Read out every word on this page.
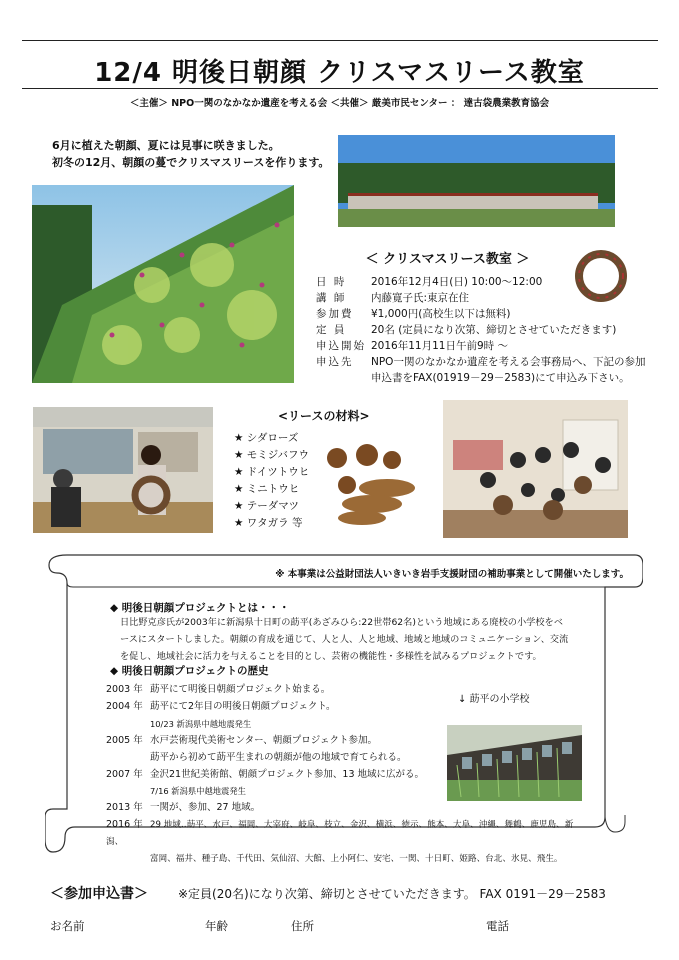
12/4 明後日朝顔 クリスマスリース教室
＜主催＞ NPO一関のなかなか遺産を考える会 ＜共催＞ 厳美市民センター ： 達古袋農業教育協会
6月に植えた朝顔、夏には見事に咲きました。
初冬の12月、朝顔の蔓でクリスマスリースを作ります。
＜ クリスマスリース教室 ＞
日 時 2016年12月4日(日) 10:00～12:00
講 師 内藤寛子氏:東京在住
参加費 ¥1,000円(高校生以下は無料)
定 員 20名 (定員になり次第、締切とさせていただきます)
申込開始 2016年11月11日午前9時 ～
申込先 NPO一関のなかなか遺産を考える会事務局へ、下記の参加
申込書をFAX(01919－29－2583)にて申込み下さい。
<リースの材料>
★ シダローズ
★ モミジバフウ
★ ドイツトウヒ
★ ミニトウヒ
★ テーダマツ
★ ワタガラ 等
※ 本事業は公益財団法人いきいき岩手支援財団の補助事業として開催いたします。
◆ 明後日朝顔プロジェクトとは・・・
日比野克彦氏が2003年に新潟県十日町の莇平(あざみひら:22世帯62名)という地域にある廃校の小学校をベースにスタートしました。朝顔の育成を通じて、人と人、人と地域、地域と地域のコミュニケーション、交流を促し、地域社会に活力を与えることを目的とし、芸術の機能性・多様性を試みるプロジェクトです。
◆ 明後日朝顔プロジェクトの歴史
2003 年 莇平にて明後日朝顔プロジェクト始まる。
2004 年 莇平にて2年目の明後日朝顔プロジェクト。
10/23 新潟県中越地震発生
2005 年 水戸芸術現代美術センター、朝顔プロジェクト参加。
莇平から初めて莇平生まれの朝顔が他の地域で育てられる。
2007 年 金沢21世紀美術館、朝顔プロジェクト参加、13 地域に広がる。
7/16 新潟県中越地震発生
2013 年 一関が、参加、27 地域。
2016 年 29 地域‥莇平、水戸、福岡、大宰府、岐阜、枝立、金沢、横浜、徳示、熊本、大阜、沖縄、舞鶴、鹿児島、新潟、
富岡、福井、種子島、千代田、気仙沼、大館、上小阿仁、安宅、一関、十日町、姫路、台北、氷見、飛生。
↓ 莇平の小学校
＜参加申込書＞	※定員(20名)になり次第、締切とさせていただきます。 FAX 0191－29－2583
お名前	年齢	住所	電話
